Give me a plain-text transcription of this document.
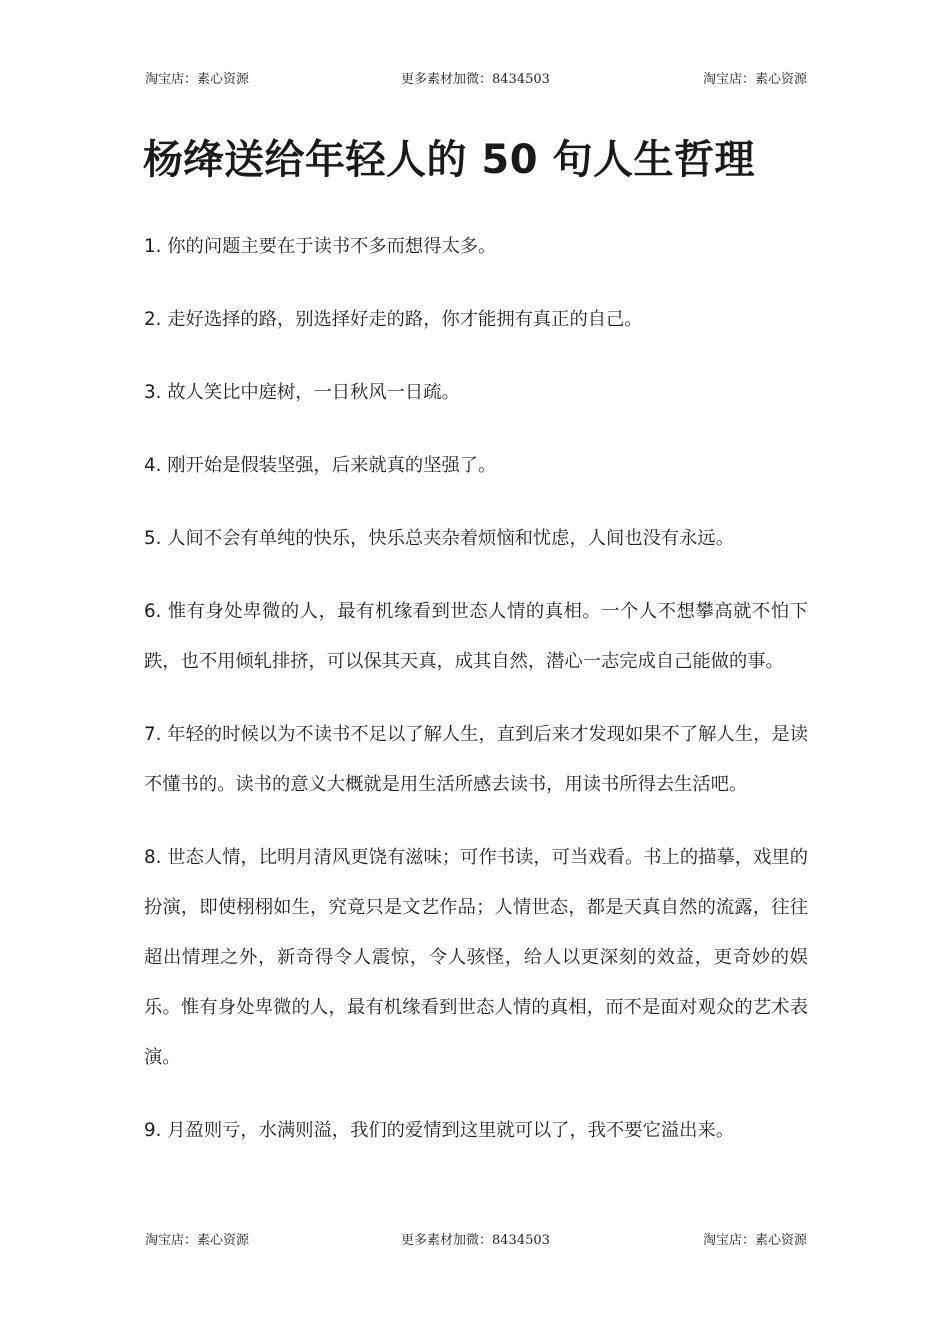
淘宝店：素心资源	更多素材加微：8434503	淘宝店：素心资源
杨绛送给年轻人的 50 句人生哲理

1. 你的问题主要在于读书不多而想得太多。

2. 走好选择的路，别选择好走的路，你才能拥有真正的自己。

3. 故人笑比中庭树，一日秋风一日疏。

4. 刚开始是假装坚强，后来就真的坚强了。

5. 人间不会有单纯的快乐，快乐总夹杂着烦恼和忧虑，人间也没有永远。

6. 惟有身处卑微的人，最有机缘看到世态人情的真相。一个人不想攀高就不怕下跌，也不用倾轧排挤，可以保其天真，成其自然，潜心一志完成自己能做的事。

7. 年轻的时候以为不读书不足以了解人生，直到后来才发现如果不了解人生，是读不懂书的。读书的意义大概就是用生活所感去读书，用读书所得去生活吧。

8. 世态人情，比明月清风更饶有滋味；可作书读，可当戏看。书上的描摹，戏里的扮演，即使栩栩如生，究竟只是文艺作品；人情世态，都是天真自然的流露，往往超出情理之外，新奇得令人震惊，令人骇怪，给人以更深刻的效益，更奇妙的娱乐。惟有身处卑微的人，最有机缘看到世态人情的真相，而不是面对观众的艺术表演。

9. 月盈则亏，水满则溢，我们的爱情到这里就可以了，我不要它溢出来。

淘宝店：素心资源	更多素材加微：8434503	淘宝店：素心资源
